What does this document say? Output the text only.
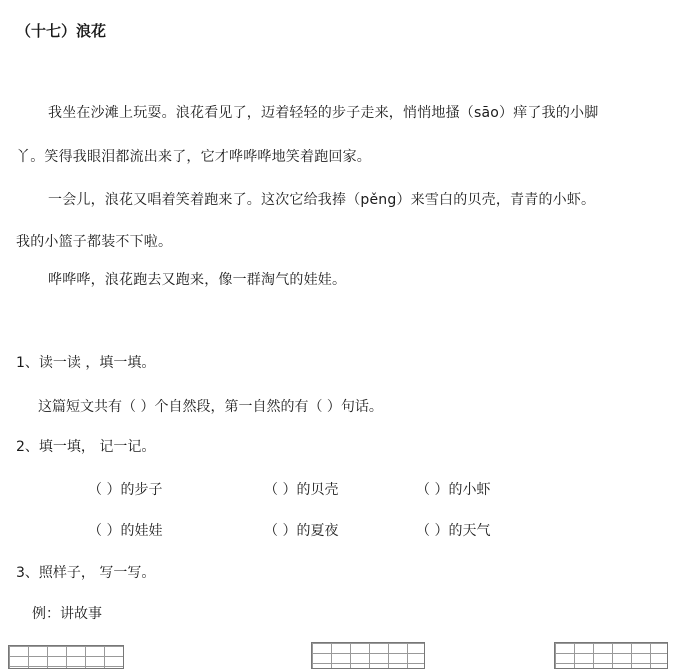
（十七）浪花
我坐在沙滩上玩耍。浪花看见了，迈着轻轻的步子走来，悄悄地搔（sāo）痒了我的小脚
丫。笑得我眼泪都流出来了，它才哗哗哗地笑着跑回家。
一会儿，浪花又唱着笑着跑来了。这次它给我捧（pěng）来雪白的贝壳，青青的小虾。
我的小篮子都装不下啦。
哗哗哗，浪花跑去又跑来，像一群淘气的娃娃。
1、读一读 ，填一填。
这篇短文共有（ ）个自然段，第一自然的有（ ）句话。
2、填一填， 记一记。
（ ）的步子	（ ）的贝壳	（ ）的小虾
（ ）的娃娃	（ ）的夏夜	（ ）的天气
3、照样子， 写一写。
例：讲故事
